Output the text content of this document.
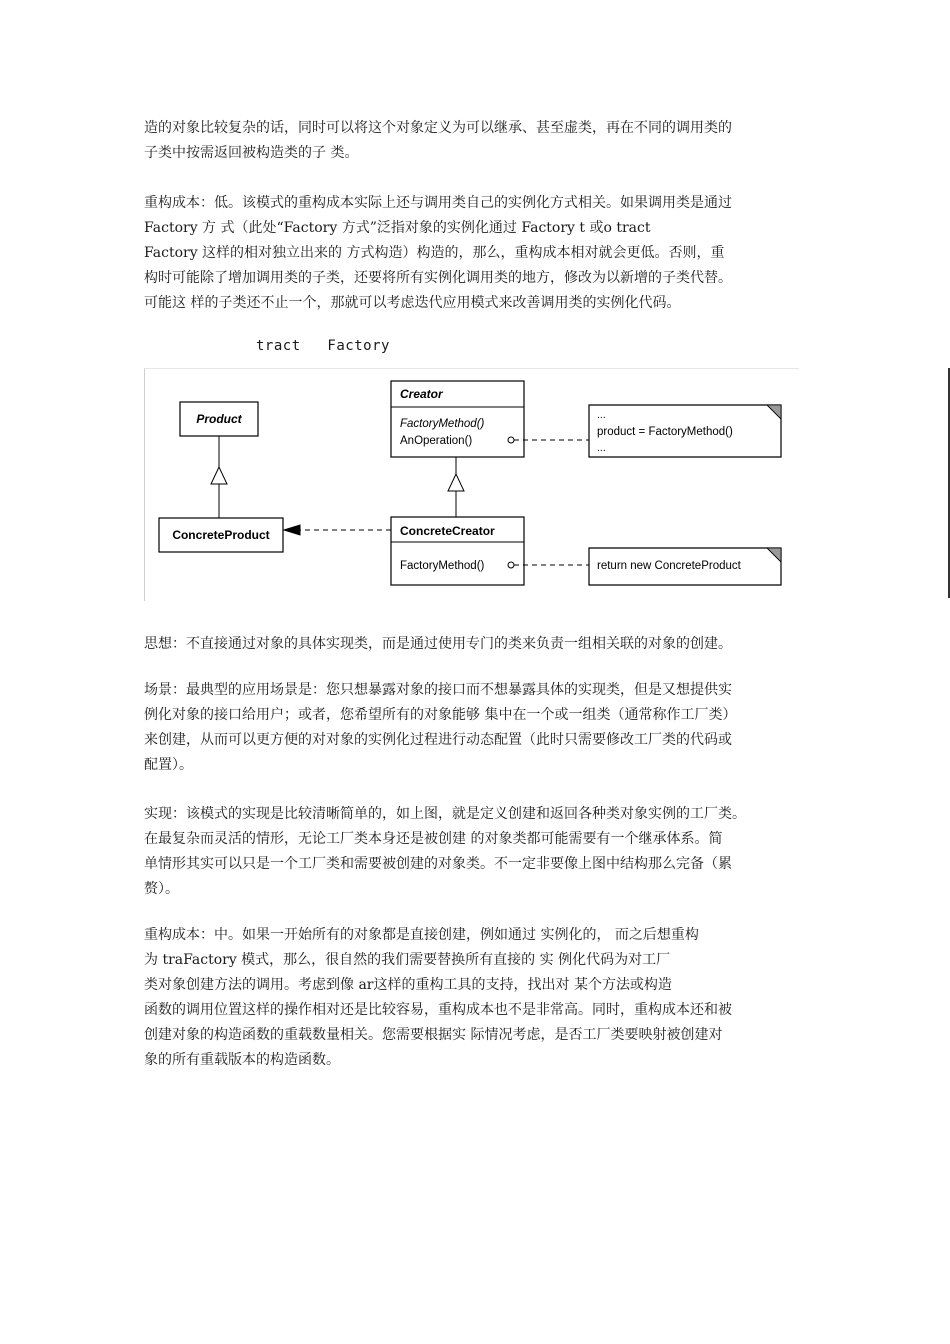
造的对象比较复杂的话，同时可以将这个对象定义为可以继承、甚至虚类，再在不同的调用类的
子类中按需返回被构造类的子 类。
重构成本：低。该模式的重构成本实际上还与调用类自己的实例化方式相关。如果调用类是通过
Factory 方 式（此处“Factory 方式”泛指对象的实例化通过 Factory t 或o tract
Factory 这样的相对独立出来的 方式构造）构造的，那么，重构成本相对就会更低。否则，重
构时可能除了增加调用类的子类，还要将所有实例化调用类的地方，修改为以新增的子类代替。
可能这 样的子类还不止一个，那就可以考虑迭代应用模式来改善调用类的实例化代码。
tract   Factory
Product
ConcreteProduct
Creator
FactoryMethod()
AnOperation()
ConcreteCreator
FactoryMethod()
...
product = FactoryMethod()
...
return new ConcreteProduct
思想：不直接通过对象的具体实现类，而是通过使用专门的类来负责一组相关联的对象的创建。
场景：最典型的应用场景是：您只想暴露对象的接口而不想暴露具体的实现类，但是又想提供实
例化对象的接口给用户；或者，您希望所有的对象能够 集中在一个或一组类（通常称作工厂类）
来创建，从而可以更方便的对对象的实例化过程进行动态配置（此时只需要修改工厂类的代码或
配置）。
实现：该模式的实现是比较清晰简单的，如上图，就是定义创建和返回各种类对象实例的工厂类。
在最复杂而灵活的情形，无论工厂类本身还是被创建 的对象类都可能需要有一个继承体系。简
单情形其实可以只是一个工厂类和需要被创建的对象类。不一定非要像上图中结构那么完备（累
赘）。
重构成本：中。如果一开始所有的对象都是直接创建，例如通过 实例化的， 而之后想重构
为 traFactory 模式，那么，很自然的我们需要替换所有直接的 实 例化代码为对工厂
类对象创建方法的调用。考虑到像 ar这样的重构工具的支持，找出对 某个方法或构造
函数的调用位置这样的操作相对还是比较容易，重构成本也不是非常高。同时，重构成本还和被
创建对象的构造函数的重载数量相关。您需要根据实 际情况考虑，是否工厂类要映射被创建对
象的所有重载版本的构造函数。
